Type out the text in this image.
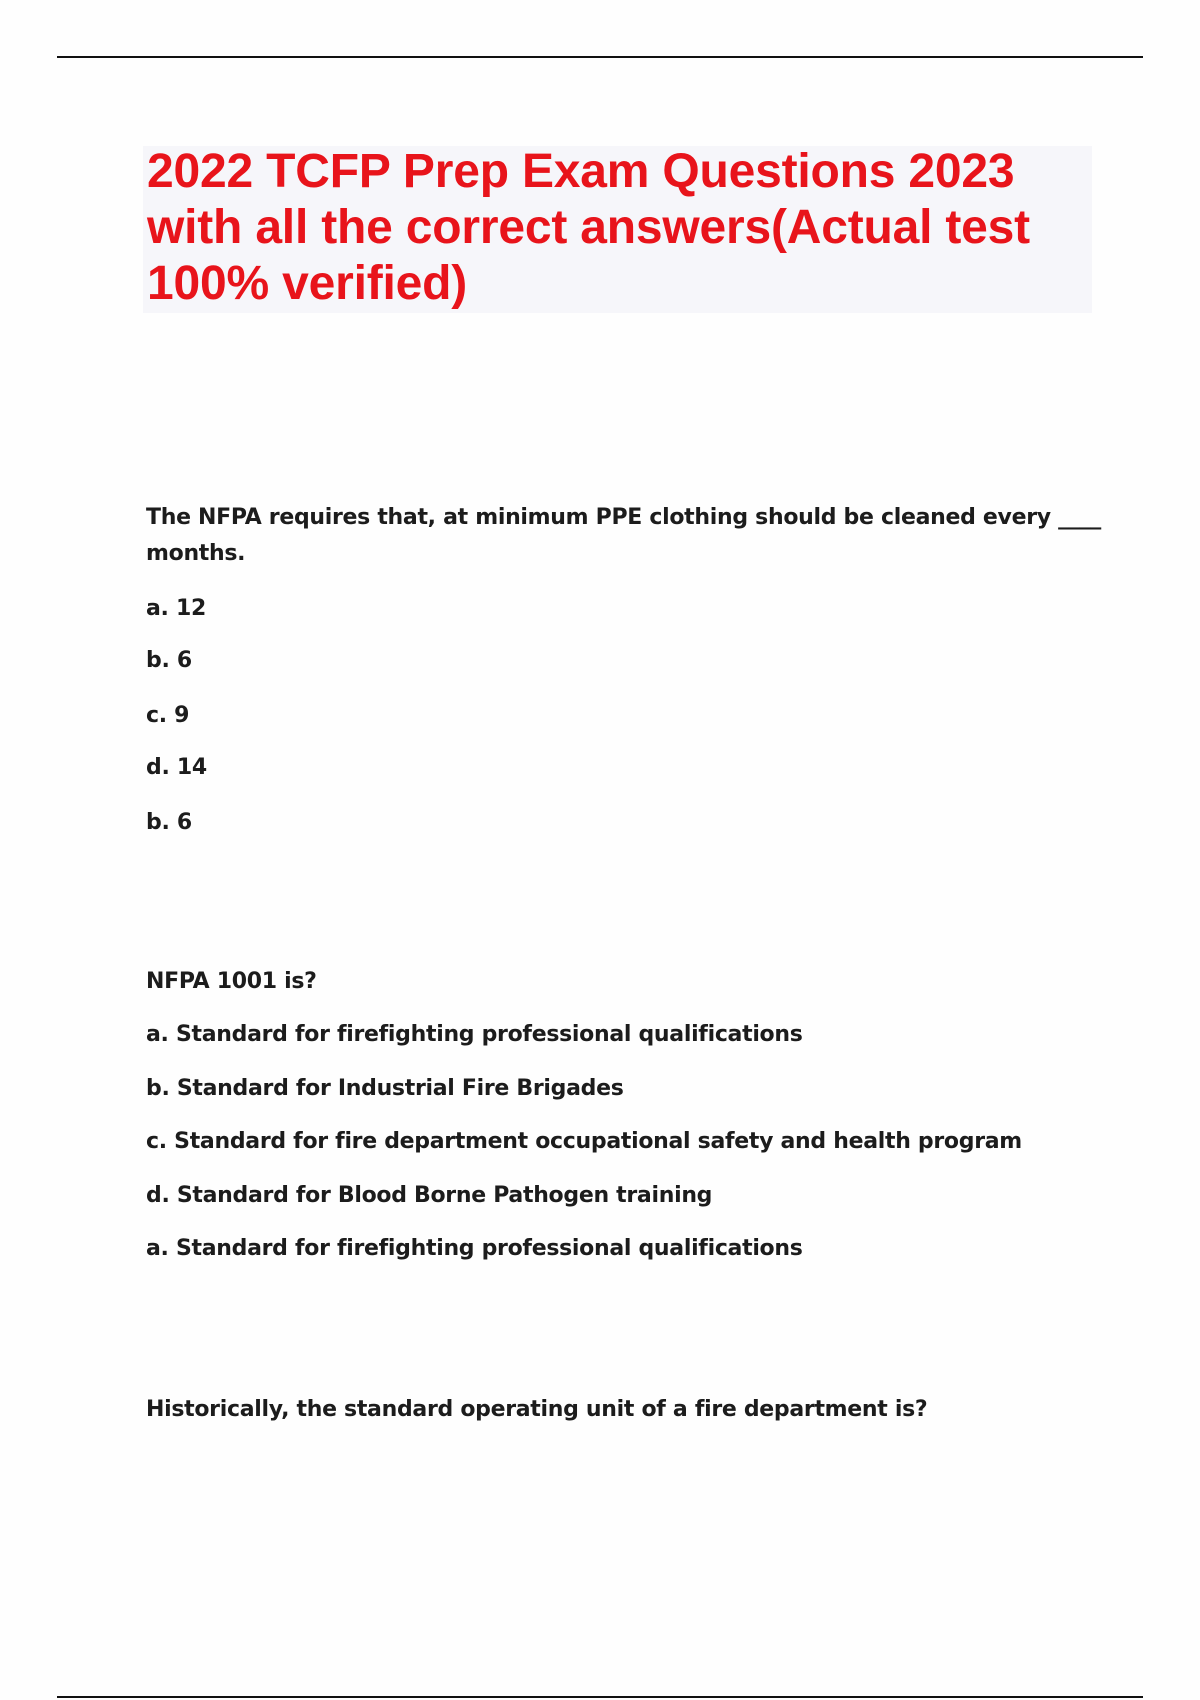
2022 TCFP Prep Exam Questions 2023 with all the correct answers(Actual test 100% verified)

The NFPA requires that, at minimum PPE clothing should be cleaned every ____

months.

a. 12

b. 6

c. 9

d. 14

b. 6

NFPA 1001 is?

a. Standard for firefighting professional qualifications

b. Standard for Industrial Fire Brigades

c. Standard for fire department occupational safety and health program

d. Standard for Blood Borne Pathogen training

a. Standard for firefighting professional qualifications

Historically, the standard operating unit of a fire department is?
